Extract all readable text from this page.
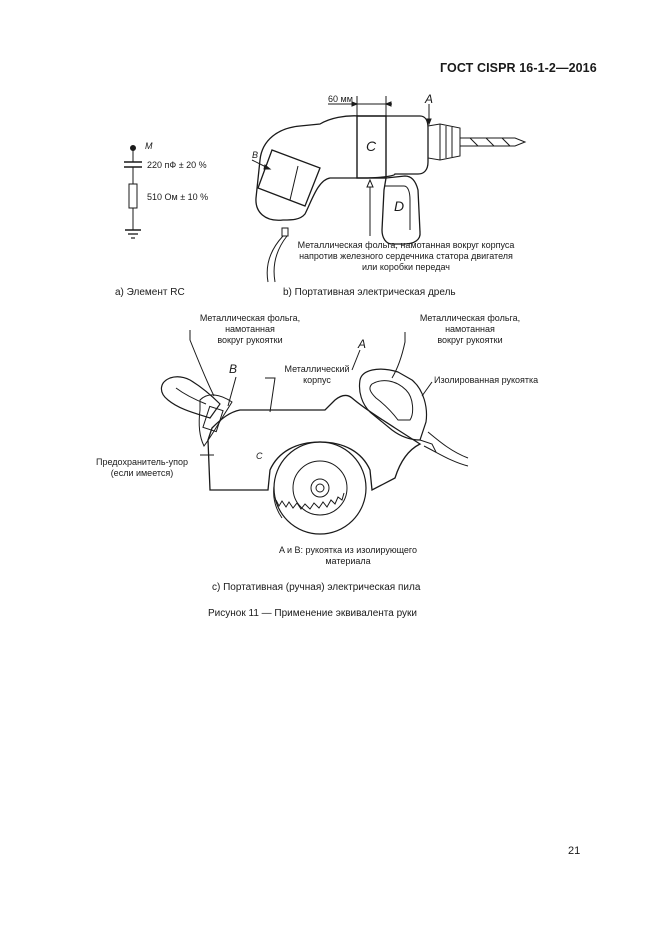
ГОСТ CISPR 16-1-2—2016
M
220 пФ ± 20 %
510 Ом ± 10 %
a) Элемент RC
60 мм	A
B
C
D
Металлическая фольга, намотанная вокруг корпуса
напротив железного сердечника статора двигателя
или коробки передач
b) Портативная электрическая дрель
Металлическая фольга,
намотанная
вокруг рукоятки
Металлическая фольга,
намотанная
вокруг рукоятки
Металлический
корпус	Изолированная рукоятка
Предохранитель-упор
(если имеется)
A
B
C
A и B: рукоятка из изолирующего
материала
c) Портативная (ручная) электрическая пила
Рисунок 11 — Применение эквивалента руки
21
